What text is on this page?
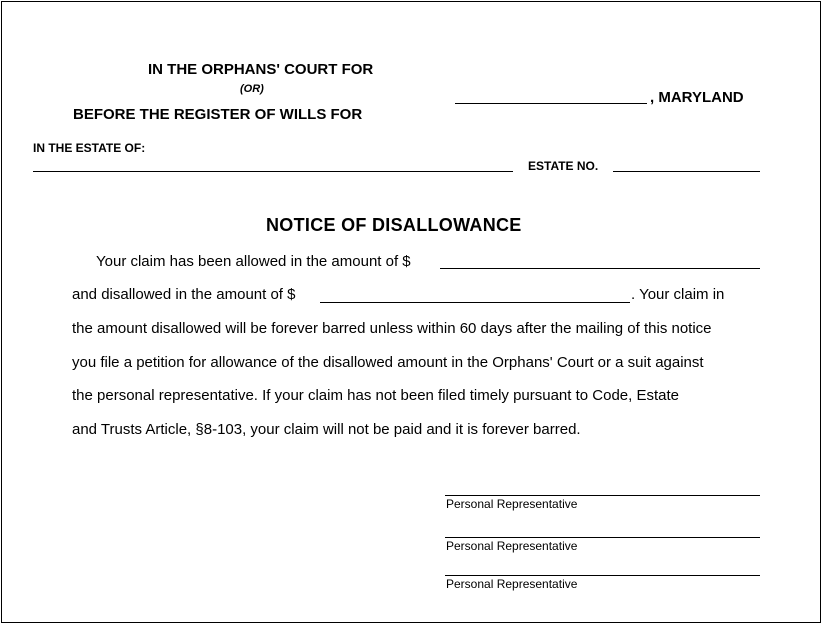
IN THE ORPHANS' COURT FOR
(OR)
BEFORE THE REGISTER OF WILLS FOR
, MARYLAND
IN THE ESTATE OF:
ESTATE NO.
NOTICE OF DISALLOWANCE
Your claim has been allowed in the amount of $
and disallowed in the amount of $	. Your claim in
the amount disallowed will be forever barred unless within 60 days after the mailing of this notice
you file a petition for allowance of the disallowed amount in the Orphans' Court or a suit against
the personal representative. If your claim has not been filed timely pursuant to Code, Estate
and Trusts Article, §8-103, your claim will not be paid and it is forever barred.
Personal Representative
Personal Representative
Personal Representative
